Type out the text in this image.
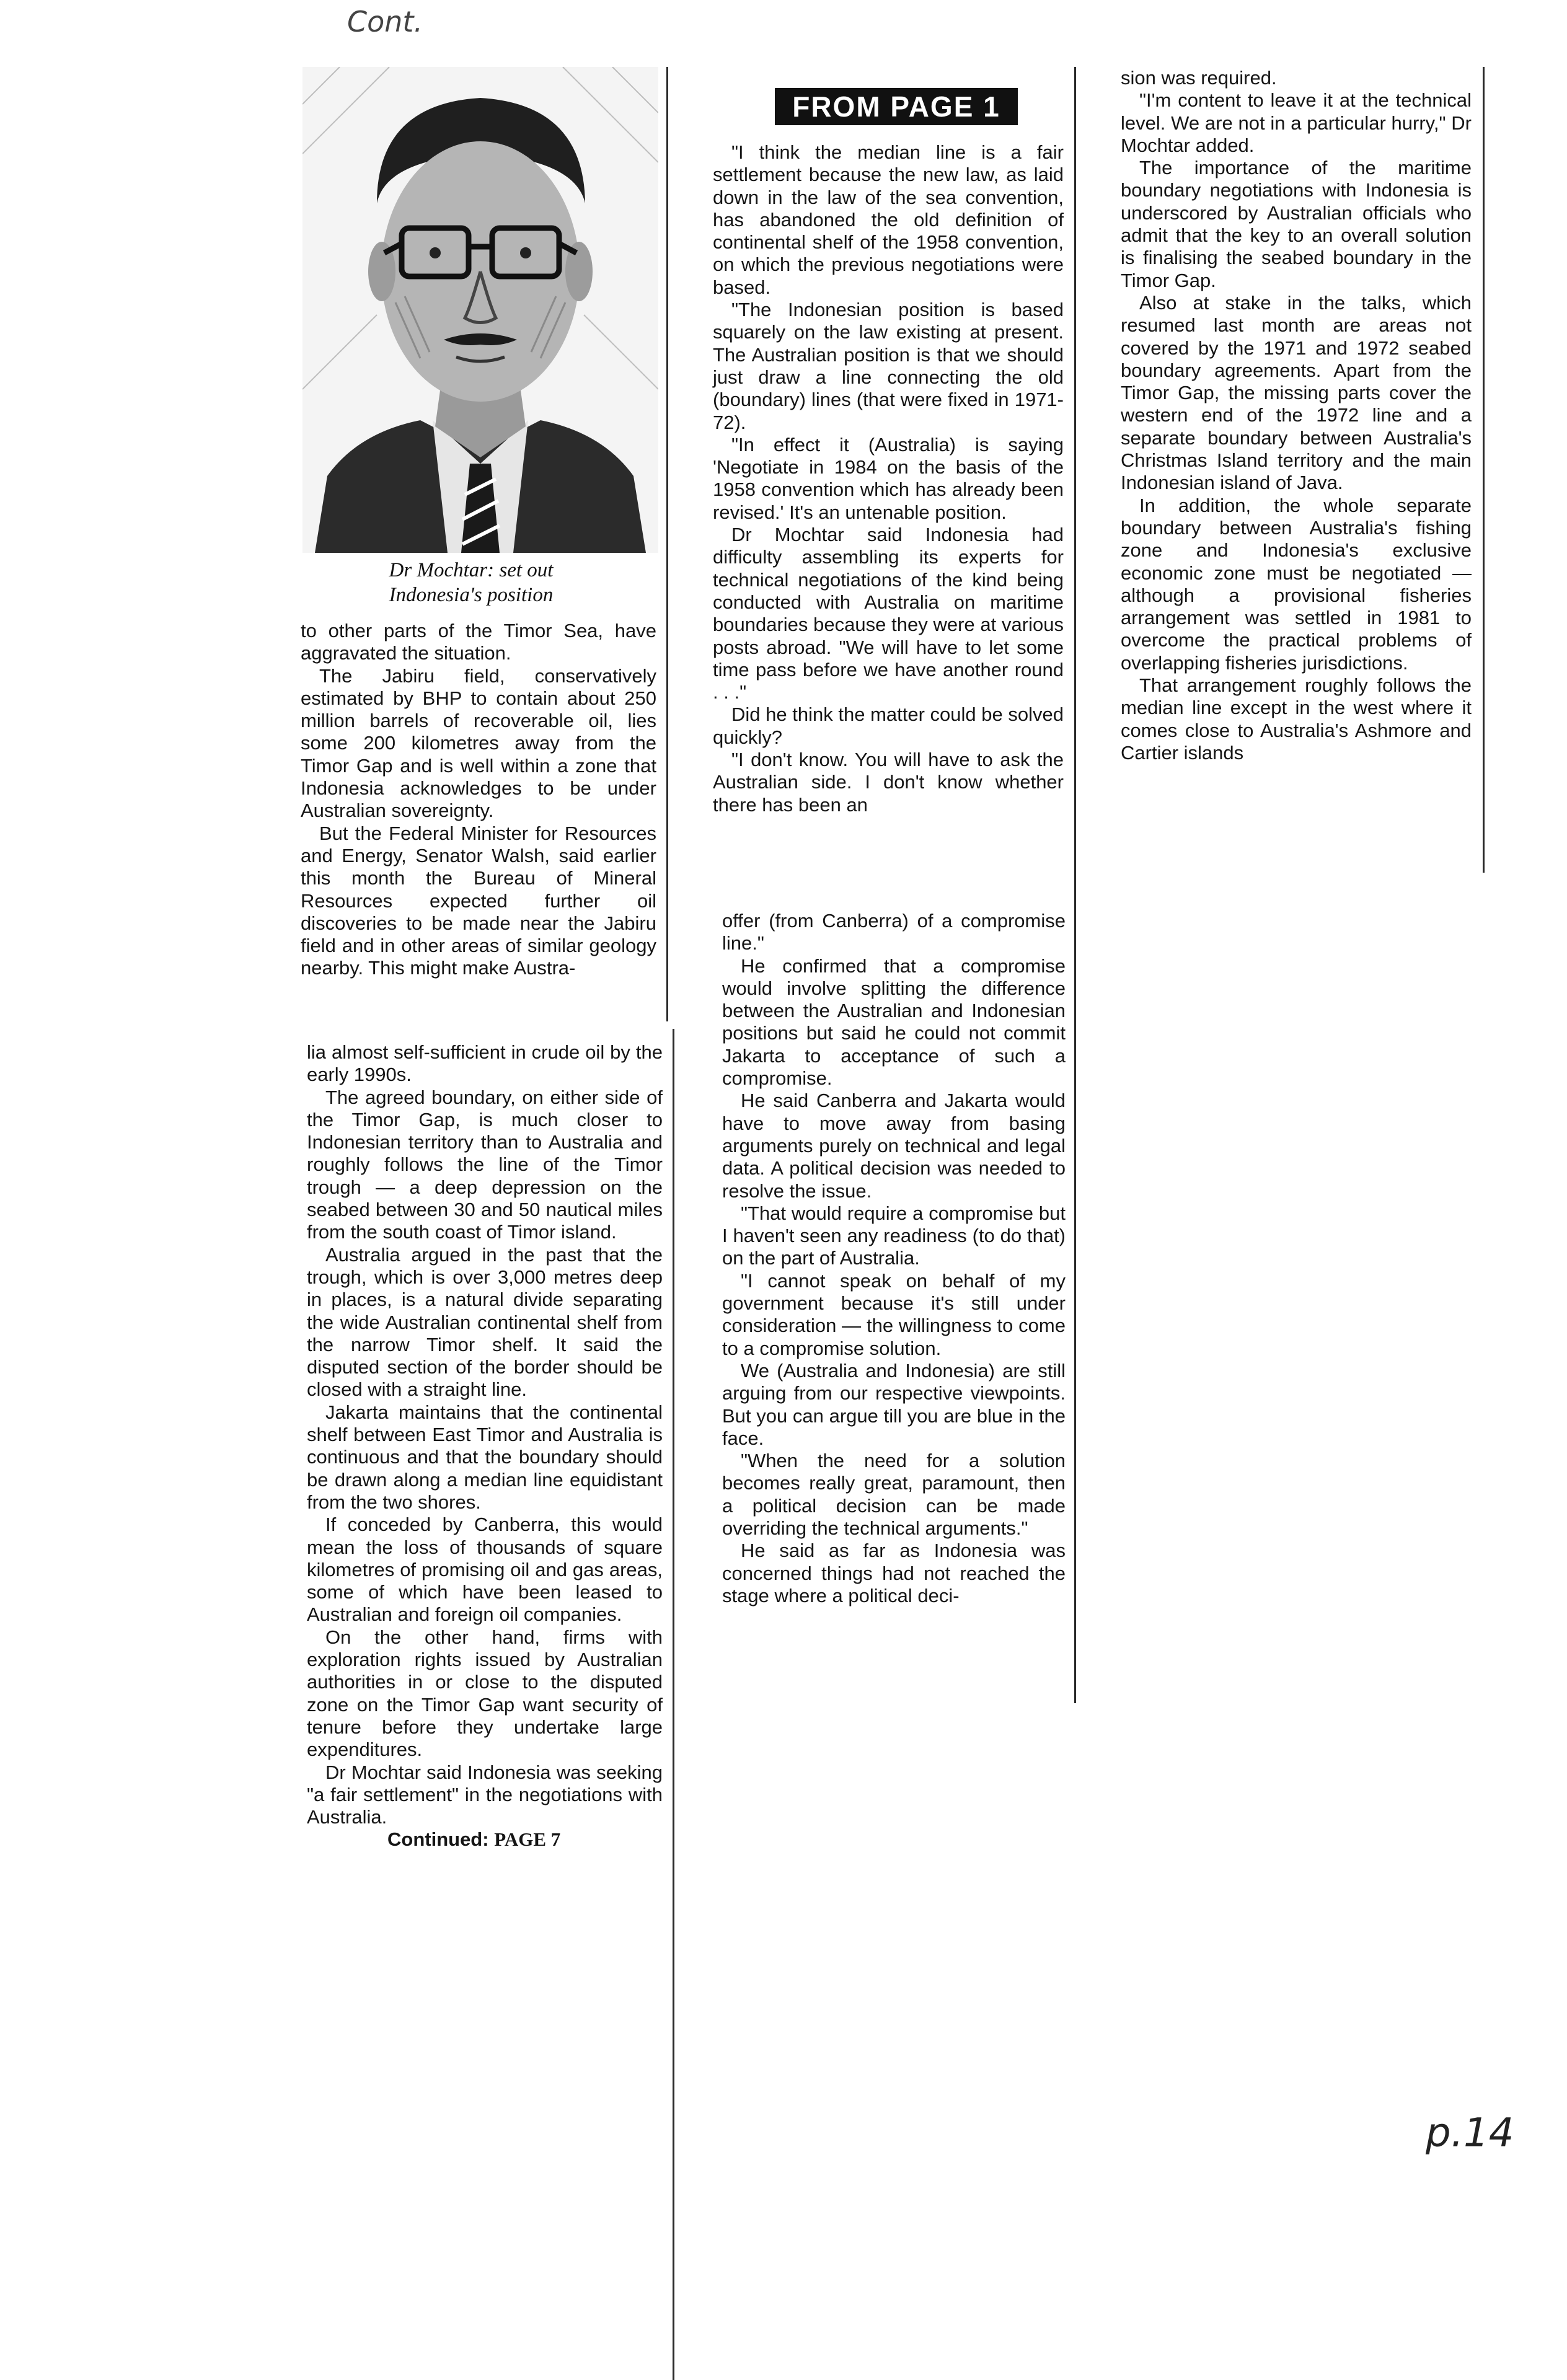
Cont.
p.14
Dr Mochtar: set out
Indonesia's position

to other parts of the Timor Sea, have aggravated the situation.

The Jabiru field, conservatively estimated by BHP to contain about 250 million barrels of recoverable oil, lies some 200 kilometres away from the Timor Gap and is well within a zone that Indonesia acknowledges to be under Australian sovereignty.

But the Federal Minister for Resources and Energy, Senator Walsh, said earlier this month the Bureau of Mineral Resources expected further oil discoveries to be made near the Jabiru field and in other areas of similar geology nearby. This might make Austra-

lia almost self-sufficient in crude oil by the early 1990s.

The agreed boundary, on either side of the Timor Gap, is much closer to Indonesian territory than to Australia and roughly follows the line of the Timor trough — a deep depression on the seabed between 30 and 50 nautical miles from the south coast of Timor island.

Australia argued in the past that the trough, which is over 3,000 metres deep in places, is a natural divide separating the wide Australian continental shelf from the narrow Timor shelf. It said the disputed section of the border should be closed with a straight line.

Jakarta maintains that the continental shelf between East Timor and Australia is continuous and that the boundary should be drawn along a median line equidistant from the two shores.

If conceded by Canberra, this would mean the loss of thousands of square kilometres of promising oil and gas areas, some of which have been leased to Australian and foreign oil companies.

On the other hand, firms with exploration rights issued by Australian authorities in or close to the disputed zone on the Timor Gap want security of tenure before they undertake large expenditures.

Dr Mochtar said Indonesia was seeking "a fair settlement" in the negotiations with Australia.

Continued: PAGE 7

FROM PAGE 1

"I think the median line is a fair settlement because the new law, as laid down in the law of the sea convention, has abandoned the old definition of continental shelf of the 1958 convention, on which the previous negotiations were based.

"The Indonesian position is based squarely on the law existing at present. The Australian position is that we should just draw a line connecting the old (boundary) lines (that were fixed in 1971-72).

"In effect it (Australia) is saying 'Negotiate in 1984 on the basis of the 1958 convention which has already been revised.' It's an untenable position.

Dr Mochtar said Indonesia had difficulty assembling its experts for technical negotiations of the kind being conducted with Australia on maritime boundaries because they were at various posts abroad. "We will have to let some time pass before we have another round . . ."

Did he think the matter could be solved quickly?

"I don't know. You will have to ask the Australian side. I don't know whether there has been an

offer (from Canberra) of a compromise line."

He confirmed that a compromise would involve splitting the difference between the Australian and Indonesian positions but said he could not commit Jakarta to acceptance of such a compromise.

He said Canberra and Jakarta would have to move away from basing arguments purely on technical and legal data. A political decision was needed to resolve the issue.

"That would require a compromise but I haven't seen any readiness (to do that) on the part of Australia.

"I cannot speak on behalf of my government because it's still under consideration — the willingness to come to a compromise solution.

We (Australia and Indonesia) are still arguing from our respective viewpoints. But you can argue till you are blue in the face.

"When the need for a solution becomes really great, paramount, then a political decision can be made overriding the technical arguments."

He said as far as Indonesia was concerned things had not reached the stage where a political deci-

sion was required.

"I'm content to leave it at the technical level. We are not in a particular hurry," Dr Mochtar added.

The importance of the maritime boundary negotiations with Indonesia is underscored by Australian officials who admit that the key to an overall solution is finalising the seabed boundary in the Timor Gap.

Also at stake in the talks, which resumed last month are areas not covered by the 1971 and 1972 seabed boundary agreements. Apart from the Timor Gap, the missing parts cover the western end of the 1972 line and a separate boundary between Australia's Christmas Island territory and the main Indonesian island of Java.

In addition, the whole separate boundary between Australia's fishing zone and Indonesia's exclusive economic zone must be negotiated — although a provisional fisheries arrangement was settled in 1981 to overcome the practical problems of overlapping fisheries jurisdictions.

That arrangement roughly follows the median line except in the west where it comes close to Australia's Ashmore and Cartier islands
